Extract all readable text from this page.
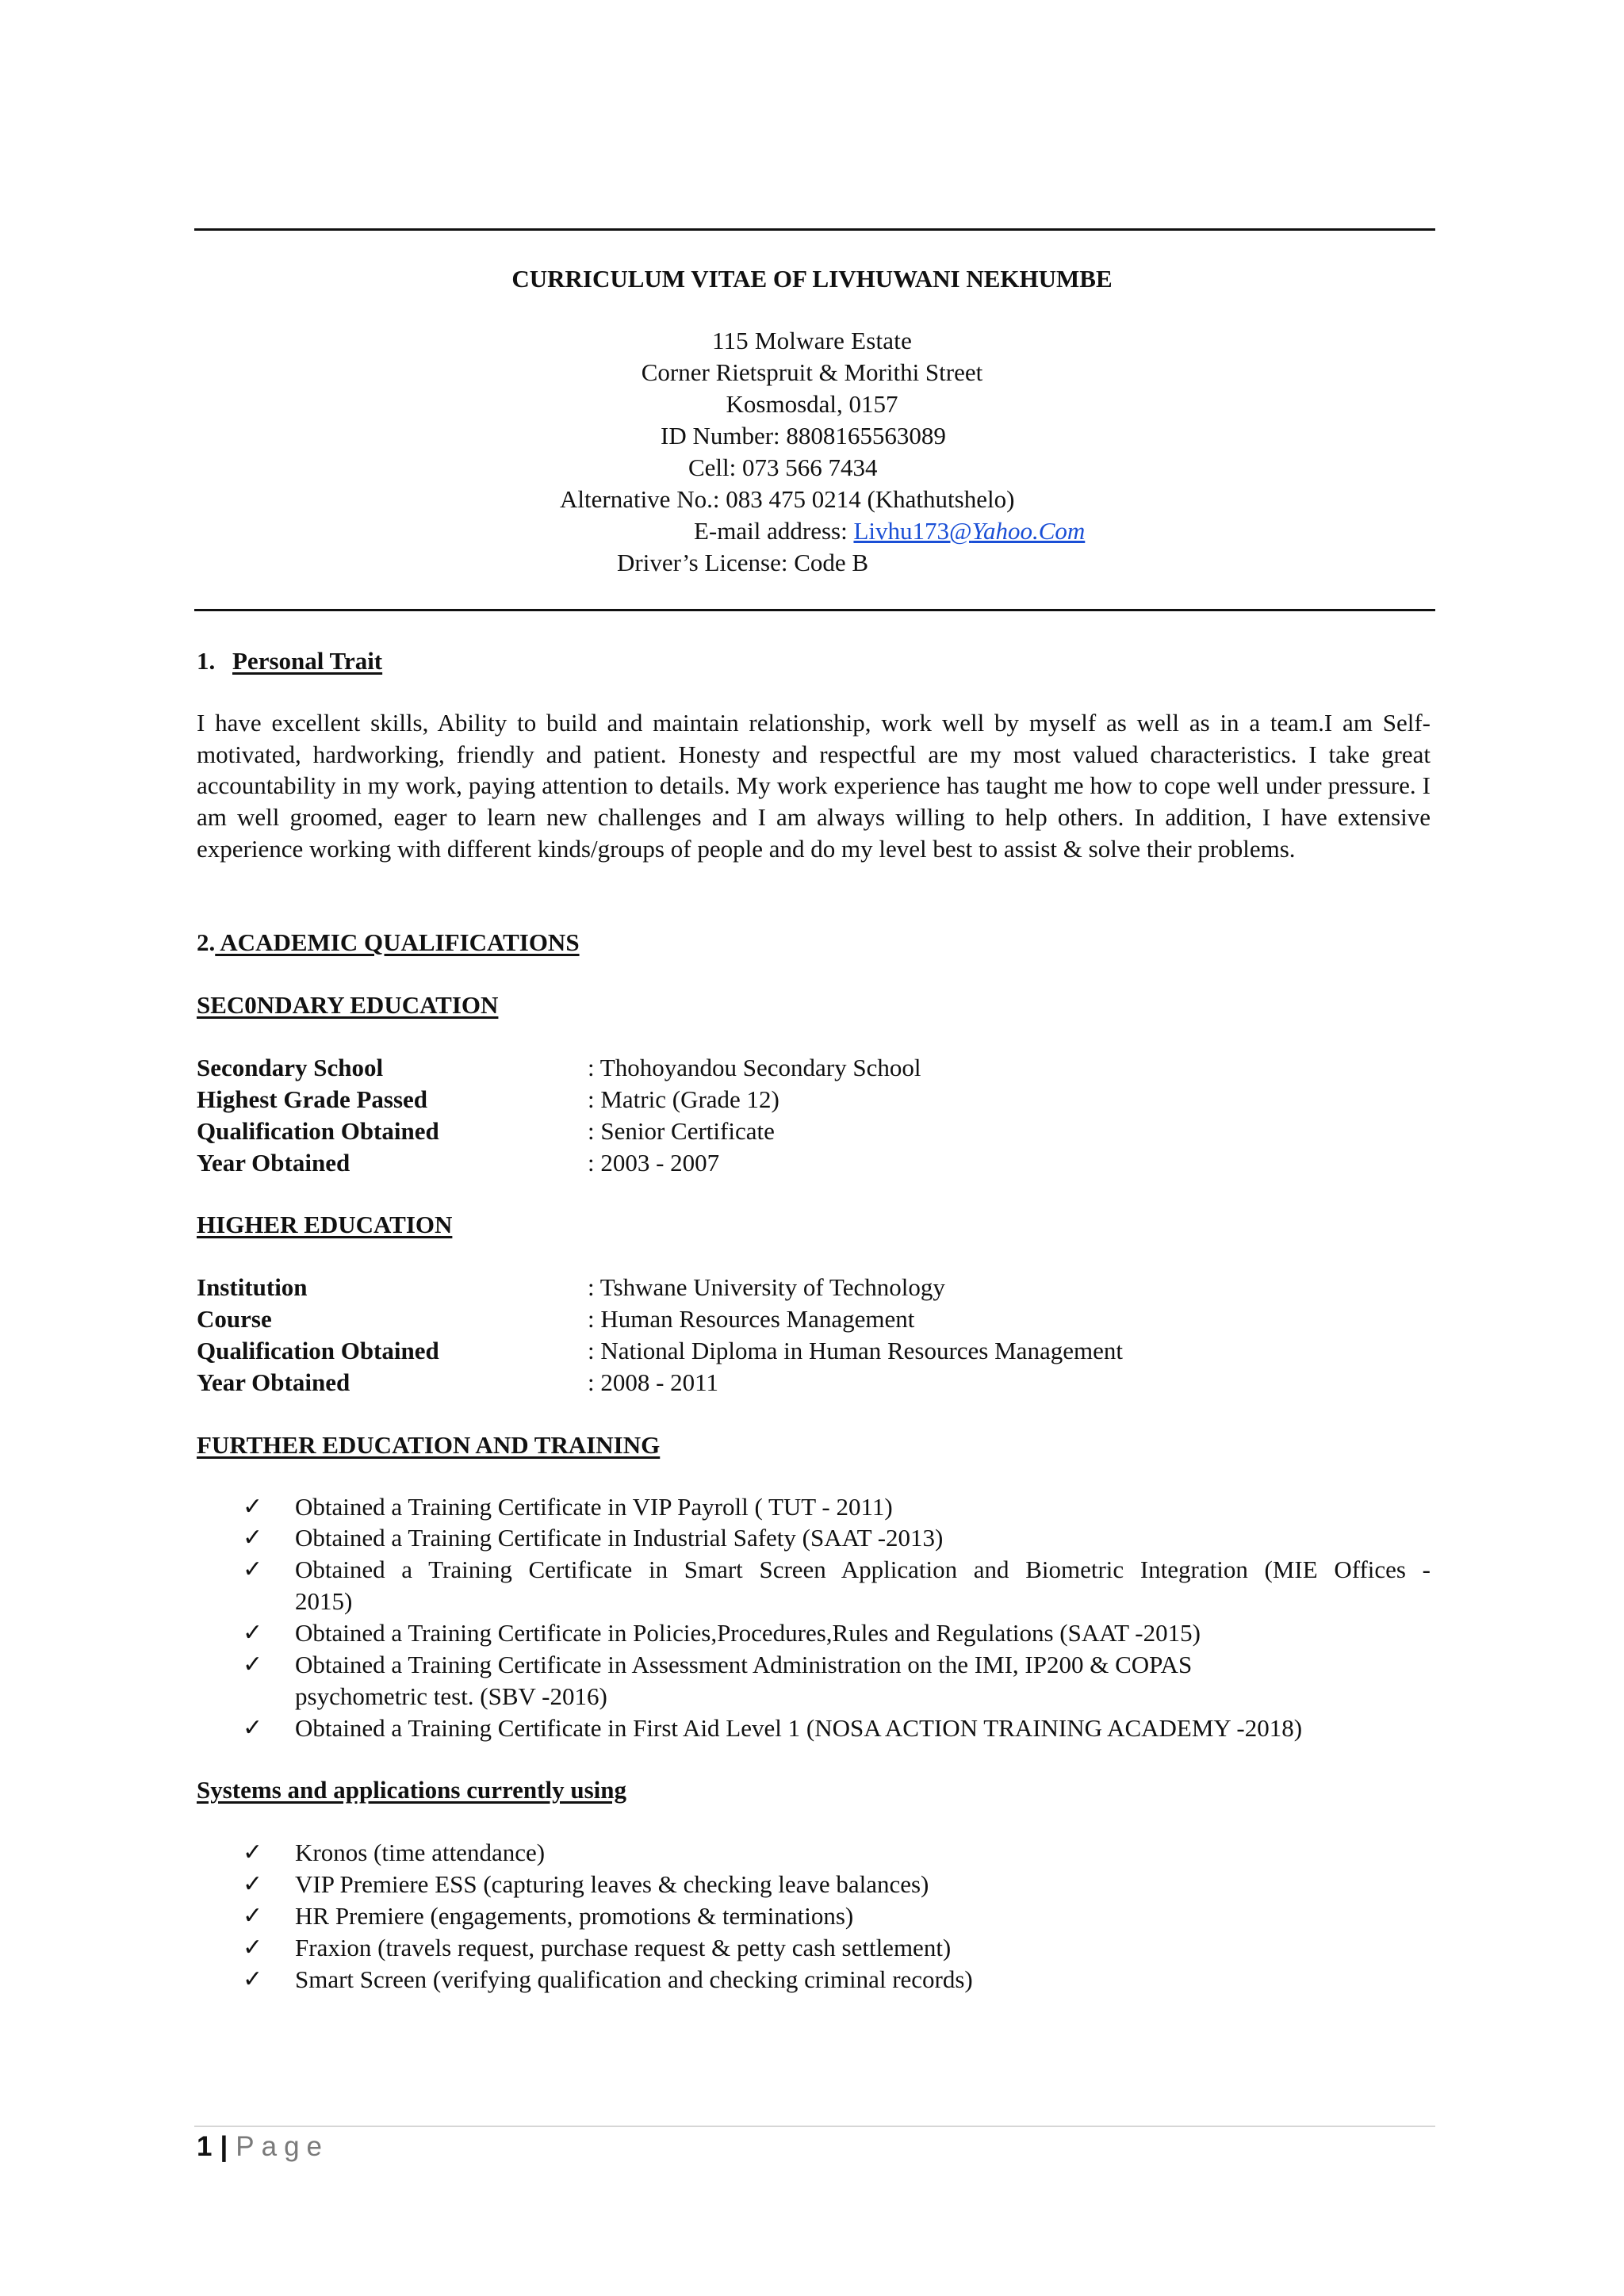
CURRICULUM VITAE OF LIVHUWANI NEKHUMBE
115 Molware Estate
Corner Rietspruit & Morithi Street
Kosmosdal, 0157
ID Number: 8808165563089
Cell: 073 566 7434
Alternative No.: 083 475 0214 (Khathutshelo)
E-mail address: Livhu173@Yahoo.Com
Driver’s License: Code B
1. Personal Trait
I have excellent skills, Ability to build and maintain relationship, work well by myself as well as in a team.I am Self-motivated, hardworking, friendly and patient. Honesty and respectful are my most valued characteristics. I take great accountability in my work, paying attention to details. My work experience has taught me how to cope well under pressure. I am well groomed, eager to learn new challenges and I am always willing to help others. In addition, I have extensive experience working with different kinds/groups of people and do my level best to assist & solve their problems.
2. ACADEMIC QUALIFICATIONS
SEC0NDARY EDUCATION
Secondary School	: Thohoyandou Secondary School
Highest Grade Passed	: Matric (Grade 12)
Qualification Obtained	: Senior Certificate
Year Obtained	: 2003 - 2007
HIGHER EDUCATION
Institution	: Tshwane University of Technology
Course	: Human Resources Management
Qualification Obtained	: National Diploma in Human Resources Management
Year Obtained	: 2008 - 2011
FURTHER EDUCATION AND TRAINING
✓ Obtained a Training Certificate in VIP Payroll ( TUT - 2011)
✓ Obtained a Training Certificate in Industrial Safety (SAAT -2013)
✓ Obtained a Training Certificate in Smart Screen Application and Biometric Integration (MIE Offices -
2015)
✓ Obtained a Training Certificate in Policies,Procedures,Rules and Regulations (SAAT -2015)
✓ Obtained a Training Certificate in Assessment Administration on the IMI, IP200 & COPAS
psychometric test. (SBV -2016)
✓ Obtained a Training Certificate in First Aid Level 1 (NOSA ACTION TRAINING ACADEMY -2018)
Systems and applications currently using
✓ Kronos (time attendance)
✓ VIP Premiere ESS (capturing leaves & checking leave balances)
✓ HR Premiere (engagements, promotions & terminations)
✓ Fraxion (travels request, purchase request & petty cash settlement)
✓ Smart Screen (verifying qualification and checking criminal records)
1 | Page
